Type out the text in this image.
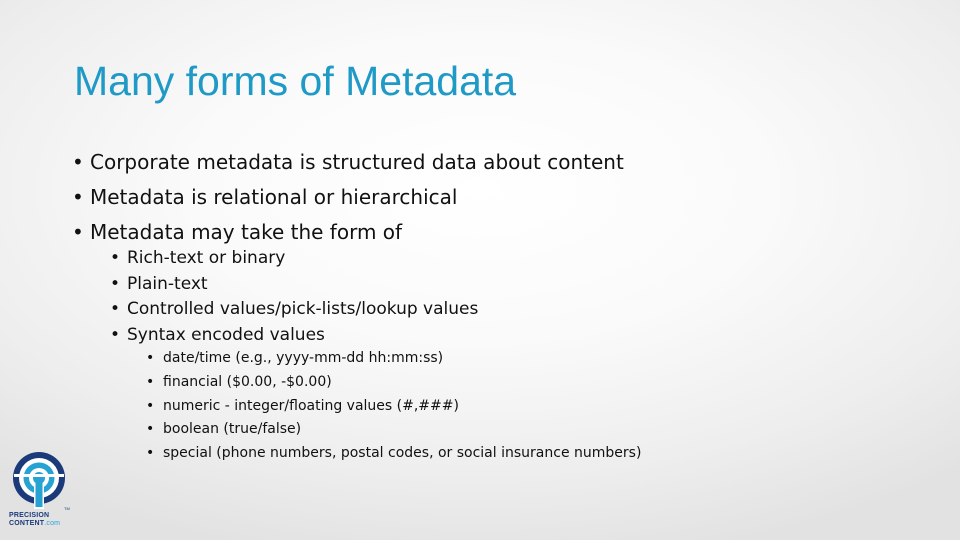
Many forms of Metadata
• Corporate metadata is structured data about content
• Metadata is relational or hierarchical
• Metadata may take the form of
• Rich-text or binary
• Plain-text
• Controlled values/pick-lists/lookup values
• Syntax encoded values
• date/time (e.g., yyyy-mm-dd hh:mm:ss)
• financial ($0.00, -$0.00)
• numeric - integer/floating values (#,###)
• boolean (true/false)
• special (phone numbers, postal codes, or social insurance numbers)
TM
PRECISION
CONTENT.com
